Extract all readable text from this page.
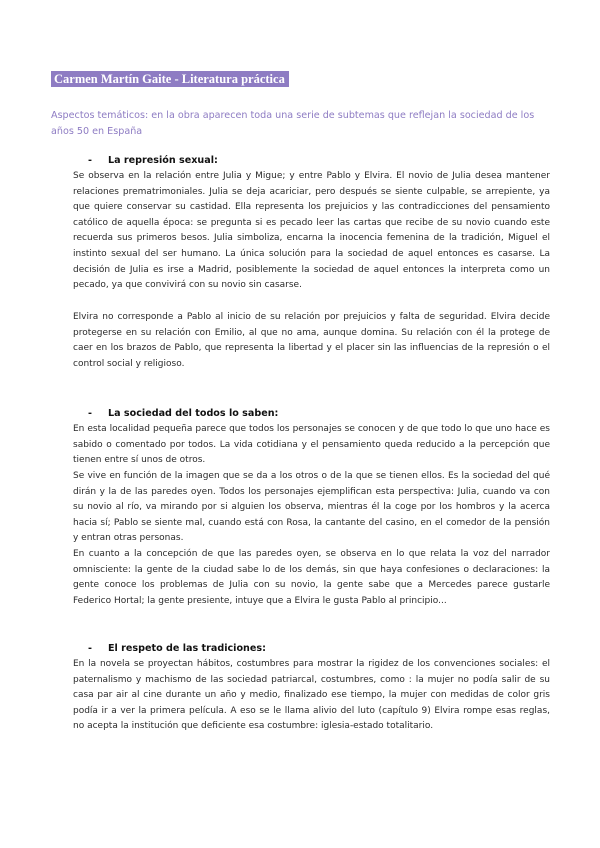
Carmen Martín Gaite - Literatura práctica

Aspectos temáticos: en la obra aparecen toda una serie de subtemas que reflejan la sociedad de los años 50 en España

- La represión sexual:

Se observa en la relación entre Julia y Migue; y entre Pablo y Elvira. El novio de Julia desea mantener relaciones prematrimoniales. Julia se deja acariciar, pero después se siente culpable, se arrepiente, ya que quiere conservar su castidad. Ella representa los prejuicios y las contradicciones del pensamiento católico de aquella época: se pregunta si es pecado leer las cartas que recibe de su novio cuando este recuerda sus primeros besos. Julia simboliza, encarna la inocencia femenina de la tradición, Miguel el instinto sexual del ser humano. La única solución para la sociedad de aquel entonces es casarse. La decisión de Julia es irse a Madrid, posiblemente la sociedad de aquel entonces la interpreta como un pecado, ya que convivirá con su novio sin casarse.

Elvira no corresponde a Pablo al inicio de su relación por prejuicios y falta de seguridad. Elvira decide protegerse en su relación con Emilio, al que no ama, aunque domina. Su relación con él la protege de caer en los brazos de Pablo, que representa la libertad y el placer sin las influencias de la represión o el control social y religioso.

- La sociedad del todos lo saben:

En esta localidad pequeña parece que todos los personajes se conocen y de que todo lo que uno hace es sabido o comentado por todos. La vida cotidiana y el pensamiento queda reducido a la percepción que tienen entre sí unos de otros.

Se vive en función de la imagen que se da a los otros o de la que se tienen ellos. Es la sociedad del qué dirán y la de las paredes oyen. Todos los personajes ejemplifican esta perspectiva: Julia, cuando va con su novio al río, va mirando por si alguien los observa, mientras él la coge por los hombros y la acerca hacia sí; Pablo se siente mal, cuando está con Rosa, la cantante del casino, en el comedor de la pensión y entran otras personas.

En cuanto a la concepción de que las paredes oyen, se observa en lo que relata la voz del narrador omnisciente: la gente de la ciudad sabe lo de los demás, sin que haya confesiones o declaraciones: la gente conoce los problemas de Julia con su novio, la gente sabe que a Mercedes parece gustarle Federico Hortal; la gente presiente, intuye que a Elvira le gusta Pablo al principio...

- El respeto de las tradiciones:

En la novela se proyectan hábitos, costumbres para mostrar la rigidez de los convenciones sociales: el paternalismo y machismo de las sociedad patriarcal, costumbres, como : la mujer no podía salir de su casa par air al cine durante un año y medio, finalizado ese tiempo, la mujer con medidas de color gris podía ir a ver la primera película. A eso se le llama alivio del luto (capítulo 9) Elvira rompe esas reglas, no acepta la institución que deficiente esa costumbre: iglesia-estado totalitario.
